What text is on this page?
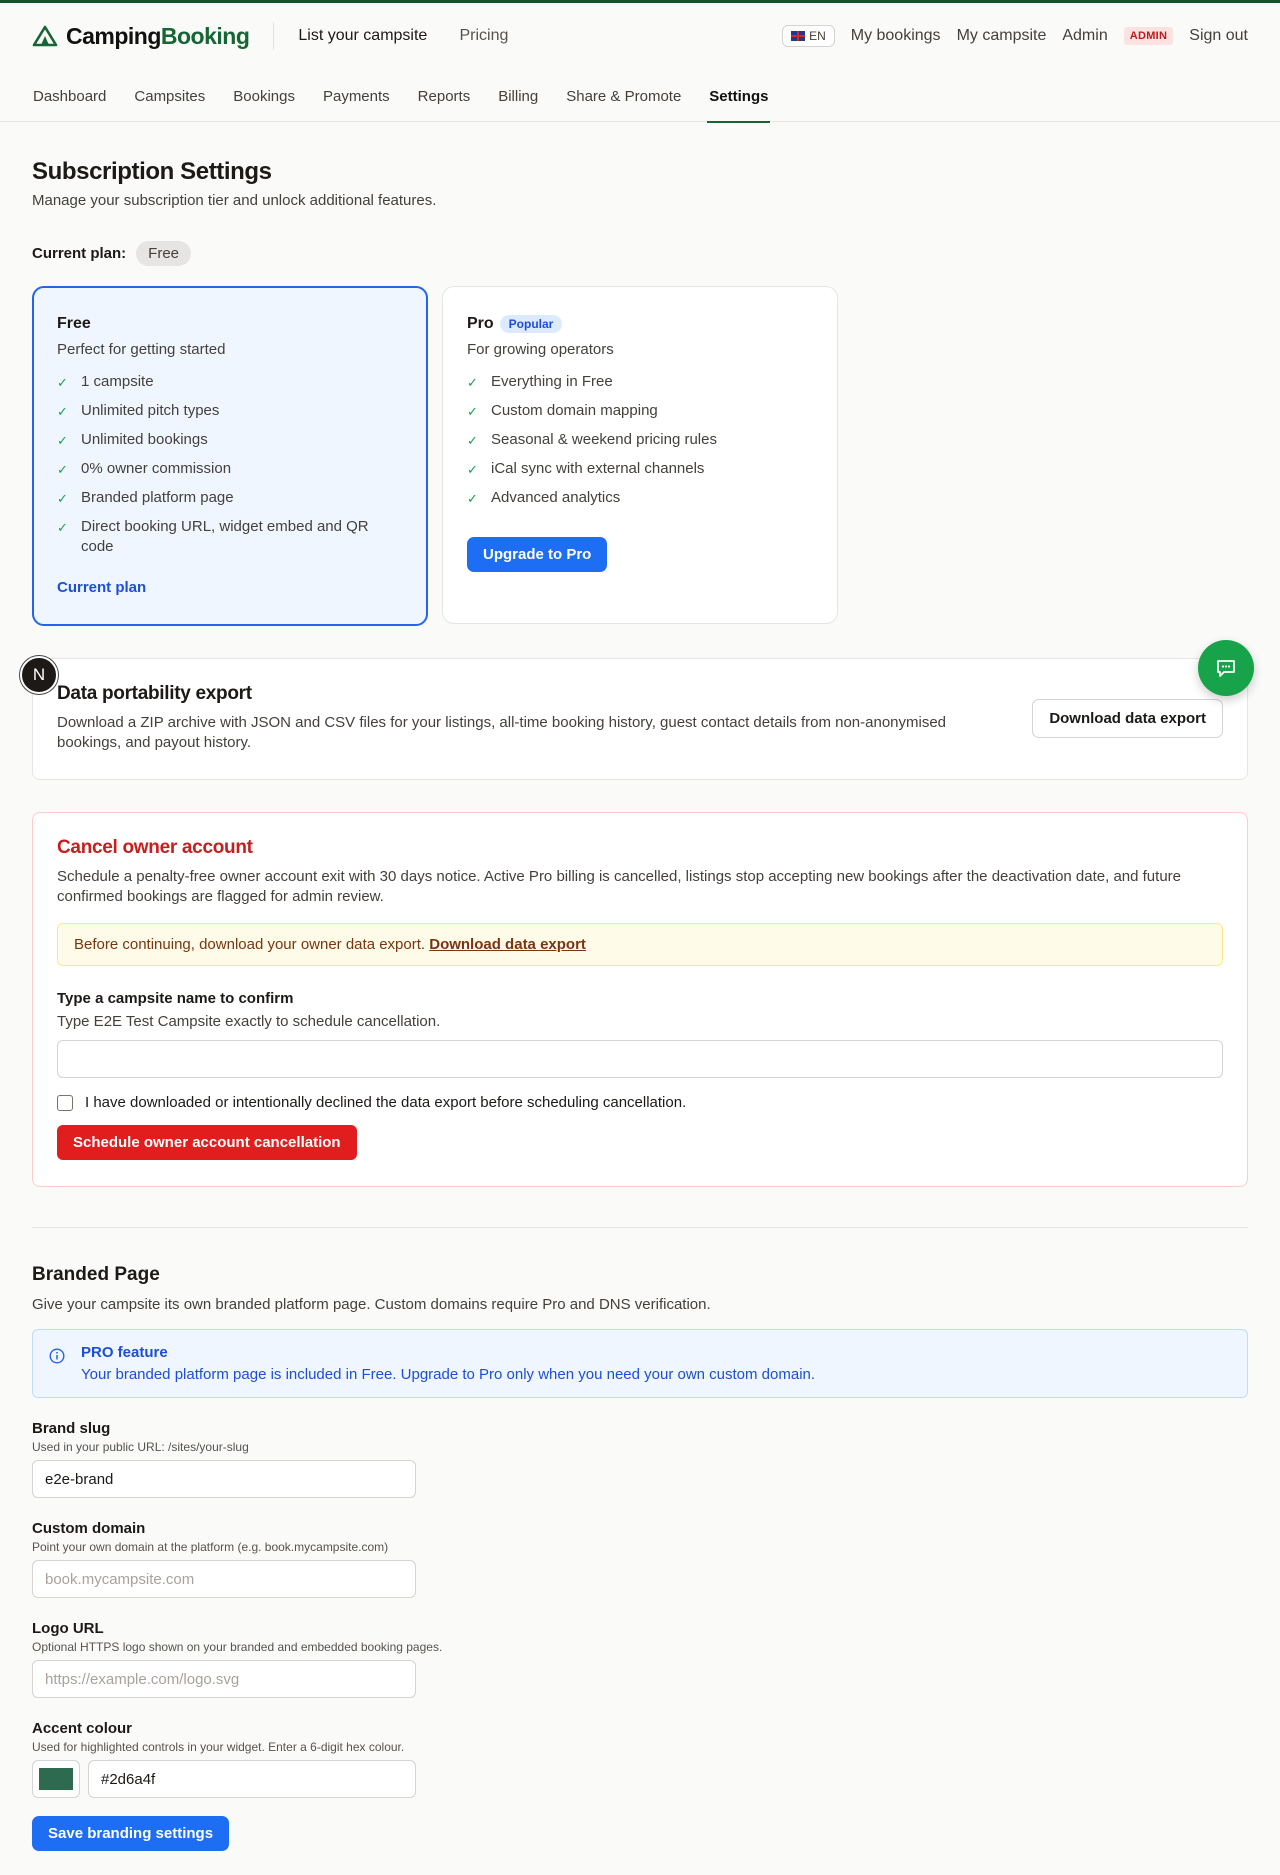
CampingBooking	List your campsite Pricing	EN My bookings My campsite Admin	ADMIN	Sign out
Dashboard Campsites Bookings Payments Reports Billing Share & Promote Settings
Subscription Settings
Manage your subscription tier and unlock additional features.
Current plan:	Free
Free
Perfect for getting started
✓ 1 campsite
✓ Unlimited pitch types
✓ Unlimited bookings
✓ 0% owner commission
✓ Branded platform page
✓ Direct booking URL, widget embed and QR code
Current plan
Pro	Popular
For growing operators
✓ Everything in Free
✓ Custom domain mapping
✓ Seasonal & weekend pricing rules
✓ iCal sync with external channels
✓ Advanced analytics
Upgrade to Pro
N
Data portability export

Download a ZIP archive with JSON and CSV files for your listings, all-time booking history, guest contact details from non-anonymised bookings, and payout history.

Download data export
Cancel owner account

Schedule a penalty-free owner account exit with 30 days notice. Active Pro billing is cancelled, listings stop accepting new bookings after the deactivation date, and future confirmed bookings are flagged for admin review.

Before continuing, download your owner data export. Download data export
Type a campsite name to confirm
Type E2E Test Campsite exactly to schedule cancellation.
I have downloaded or intentionally declined the data export before scheduling cancellation.
Schedule owner account cancellation
Branded Page
Give your campsite its own branded platform page. Custom domains require Pro and DNS verification.
PRO feature
Your branded platform page is included in Free. Upgrade to Pro only when you need your own custom domain.
Brand slug
Used in your public URL: /sites/your-slug
e2e-brand
Custom domain
Point your own domain at the platform (e.g. book.mycampsite.com)
book.mycampsite.com
Logo URL
Optional HTTPS logo shown on your branded and embedded booking pages.
https://example.com/logo.svg
Accent colour
Used for highlighted controls in your widget. Enter a 6-digit hex colour.
#2d6a4f
Save branding settings
